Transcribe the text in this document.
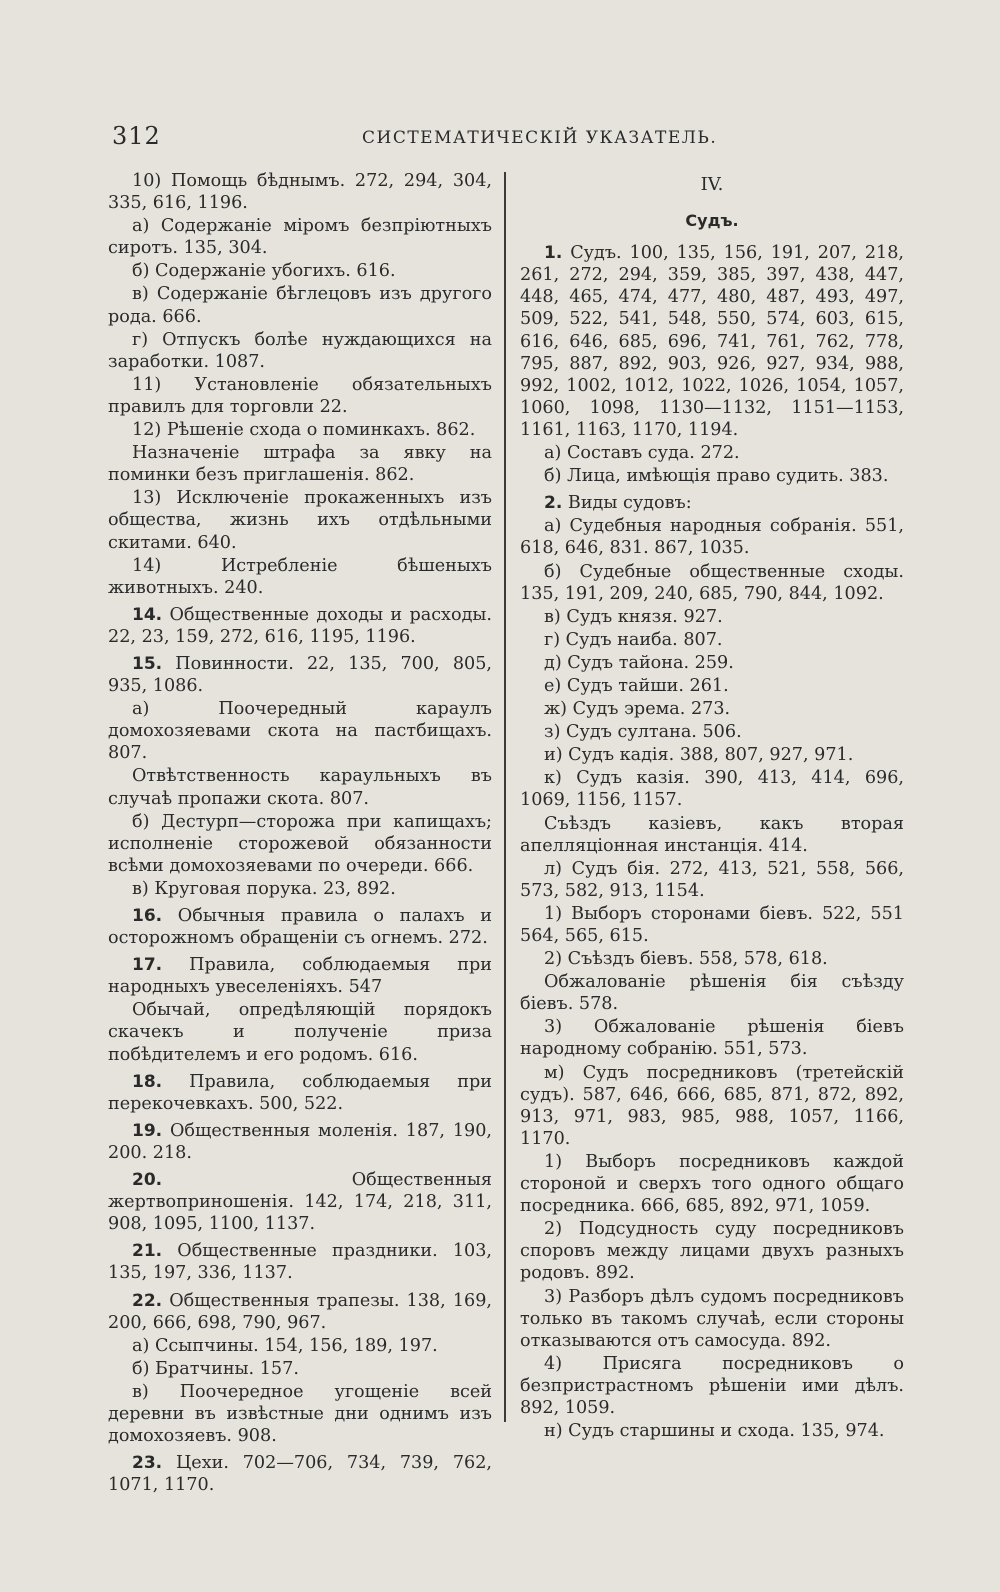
312	СИСТЕМАТИЧЕСКІЙ УКАЗАТЕЛЬ.

10) Помощь бѣднымъ. 272, 294, 304, 335, 616, 1196.

а) Содержаніе міромъ безпріютныхъ сиротъ. 135, 304.

б) Содержаніе убогихъ. 616.

в) Содержаніе бѣглецовъ изъ другого рода. 666.

г) Отпускъ болѣе нуждающихся на заработки. 1087.

11) Установленіе обязательныхъ правилъ для торговли 22.

12) Рѣшеніе схода о поминкахъ. 862.

Назначеніе штрафа за явку на поминки безъ приглашенія. 862.

13) Исключеніе прокаженныхъ изъ общества, жизнь ихъ отдѣльными скитами. 640.

14) Истребленіе бѣшеныхъ животныхъ. 240.

14. Общественные доходы и расходы. 22, 23, 159, 272, 616, 1195, 1196.

15. Повинности. 22, 135, 700, 805, 935, 1086.

а) Поочередный караулъ домохозяевами скота на пастбищахъ. 807.

Отвѣтственность караульныхъ въ случаѣ пропажи скота. 807.

б) Дестурп—сторожа при капищахъ; исполненіе сторожевой обязанности всѣми домохозяевами по очереди. 666.

в) Круговая порука. 23, 892.

16. Обычныя правила о палахъ и осторожномъ обращеніи съ огнемъ. 272.

17. Правила, соблюдаемыя при народныхъ увеселеніяхъ. 547

Обычай, опредѣляющій порядокъ скачекъ и полученіе приза побѣдителемъ и его родомъ. 616.

18. Правила, соблюдаемыя при перекочевкахъ. 500, 522.

19. Общественныя моленія. 187, 190, 200. 218.

20.	Общественныя жертвоприношенія. 142, 174, 218, 311, 908, 1095, 1100, 1137.

21. Общественные праздники. 103, 135, 197, 336, 1137.

22. Общественныя трапезы. 138, 169, 200, 666, 698, 790, 967.

а) Ссыпчины. 154, 156, 189, 197.

б) Братчины. 157.

в) Поочередное угощеніе всей деревни въ извѣстные дни однимъ изъ домохозяевъ. 908.

23. Цехи. 702—706, 734, 739, 762, 1071, 1170.

IV.

Судъ.

1. Судъ. 100, 135, 156, 191, 207, 218, 261, 272, 294, 359, 385, 397, 438, 447, 448, 465, 474, 477, 480, 487, 493, 497, 509, 522, 541, 548, 550, 574, 603, 615, 616, 646, 685, 696, 741, 761, 762, 778, 795, 887, 892, 903, 926, 927, 934, 988, 992, 1002, 1012, 1022, 1026, 1054, 1057, 1060, 1098, 1130—1132, 1151—1153, 1161, 1163, 1170, 1194.

а) Составъ суда. 272.

б) Лица, имѣющія право судить. 383.

2. Виды судовъ:

а) Судебныя народныя собранія. 551, 618, 646, 831. 867, 1035.

б) Судебные общественные сходы. 135, 191, 209, 240, 685, 790, 844, 1092.

в) Судъ князя. 927.

г) Судъ наиба. 807.

д) Судъ тайона. 259.

е) Судъ тайши. 261.

ж) Судъ эрема. 273.

з) Судъ султана. 506.

и) Судъ кадія. 388, 807, 927, 971.

к) Судъ казія. 390, 413, 414, 696, 1069, 1156, 1157.

Съѣздъ казіевъ, какъ вторая апелляціонная инстанція. 414.

л) Судъ бія. 272, 413, 521, 558, 566, 573, 582, 913, 1154.

1) Выборъ сторонами біевъ. 522, 551 564, 565, 615.

2) Съѣздъ біевъ. 558, 578, 618.

Обжалованіе рѣшенія бія съѣзду біевъ. 578.

3) Обжалованіе рѣшенія біевъ народному собранію. 551, 573.

м) Судъ посредниковъ (третейскій судъ). 587, 646, 666, 685, 871, 872, 892, 913, 971, 983, 985, 988, 1057, 1166, 1170.

1) Выборъ посредниковъ каждой стороной и сверхъ того одного общаго посредника. 666, 685, 892, 971, 1059.

2) Подсудность суду посредниковъ споровъ между лицами двухъ разныхъ родовъ. 892.

3) Разборъ дѣлъ судомъ посредниковъ только въ такомъ случаѣ, если стороны отказываются отъ самосуда. 892.

4) Присяга посредниковъ о безпристрастномъ рѣшеніи ими дѣлъ. 892, 1059.

н) Судъ старшины и схода. 135, 974.
